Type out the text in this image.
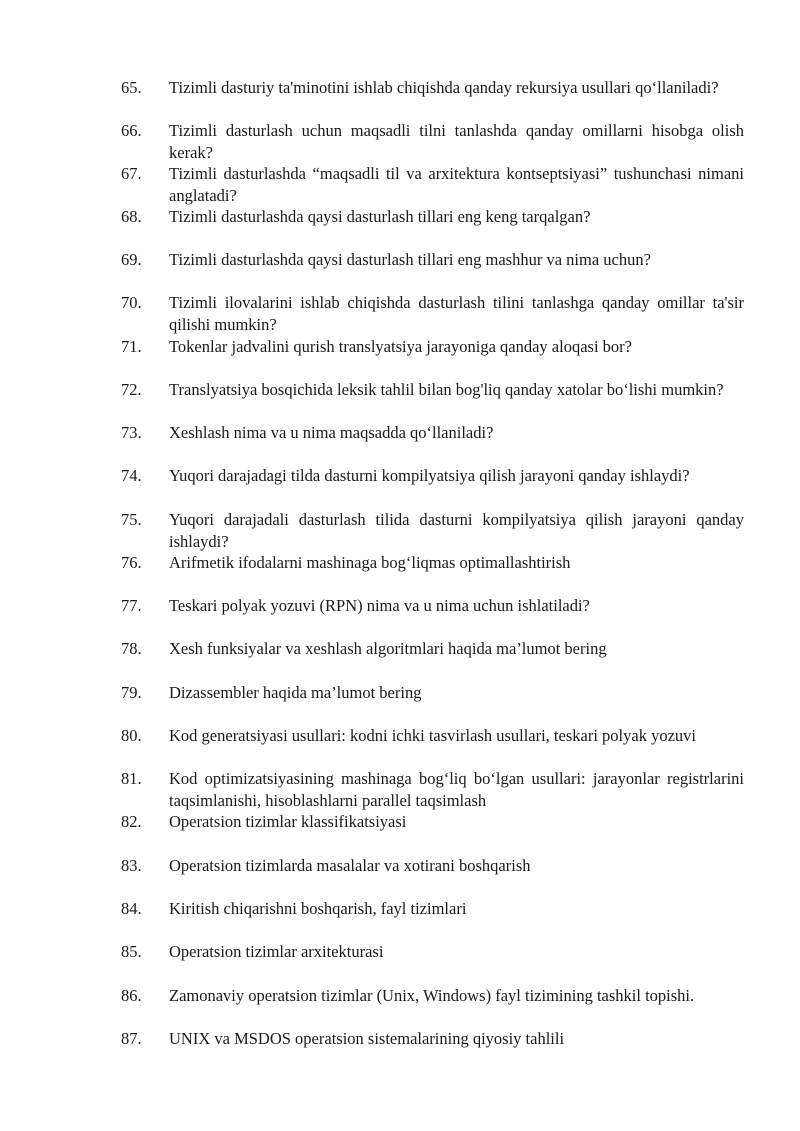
65.	Tizimli dasturiy ta'minotini ishlab chiqishda qanday rekursiya usullari qo‘llaniladi?
66.	Tizimli dasturlash uchun maqsadli tilni tanlashda qanday omillarni hisobga olish kerak?
67.	Tizimli dasturlashda “maqsadli til va arxitektura kontseptsiyasi” tushunchasi nimani anglatadi?
68.	Tizimli dasturlashda qaysi dasturlash tillari eng keng tarqalgan?
69.	Tizimli dasturlashda qaysi dasturlash tillari eng mashhur va nima uchun?
70.	Tizimli ilovalarini ishlab chiqishda dasturlash tilini tanlashga qanday omillar ta'sir qilishi mumkin?
71.	Tokenlar jadvalini qurish translyatsiya jarayoniga qanday aloqasi bor?
72.	Translyatsiya bosqichida leksik tahlil bilan bog'liq qanday xatolar bo‘lishi mumkin?
73.	Xeshlash nima va u nima maqsadda qo‘llaniladi?
74.	Yuqori darajadagi tilda dasturni kompilyatsiya qilish jarayoni qanday ishlaydi?
75.	Yuqori darajadali dasturlash tilida dasturni kompilyatsiya qilish jarayoni qanday ishlaydi?
76.	Arifmetik ifodalarni mashinaga bog‘liqmas optimallashtirish
77.	Teskari polyak yozuvi (RPN) nima va u nima uchun ishlatiladi?
78.	Xesh funksiyalar va xeshlash algoritmlari haqida ma’lumot bering
79.	Dizassembler haqida ma’lumot bering
80.	Kod generatsiyasi usullari: kodni ichki tasvirlash usullari, teskari polyak yozuvi
81.	Kod optimizatsiyasining mashinaga bog‘liq bo‘lgan usullari: jarayonlar registrlarini taqsimlanishi, hisoblashlarni parallel taqsimlash
82.	Operatsion tizimlar klassifikatsiyasi
83.	Operatsion tizimlarda masalalar va xotirani boshqarish
84.	Kiritish chiqarishni boshqarish, fayl tizimlari
85.	Operatsion tizimlar arxitekturasi
86.	Zamonaviy operatsion tizimlar (Unix, Windows) fayl tizimining tashkil topishi.
87.	UNIX va MSDOS operatsion sistemalarining qiyosiy tahlili
